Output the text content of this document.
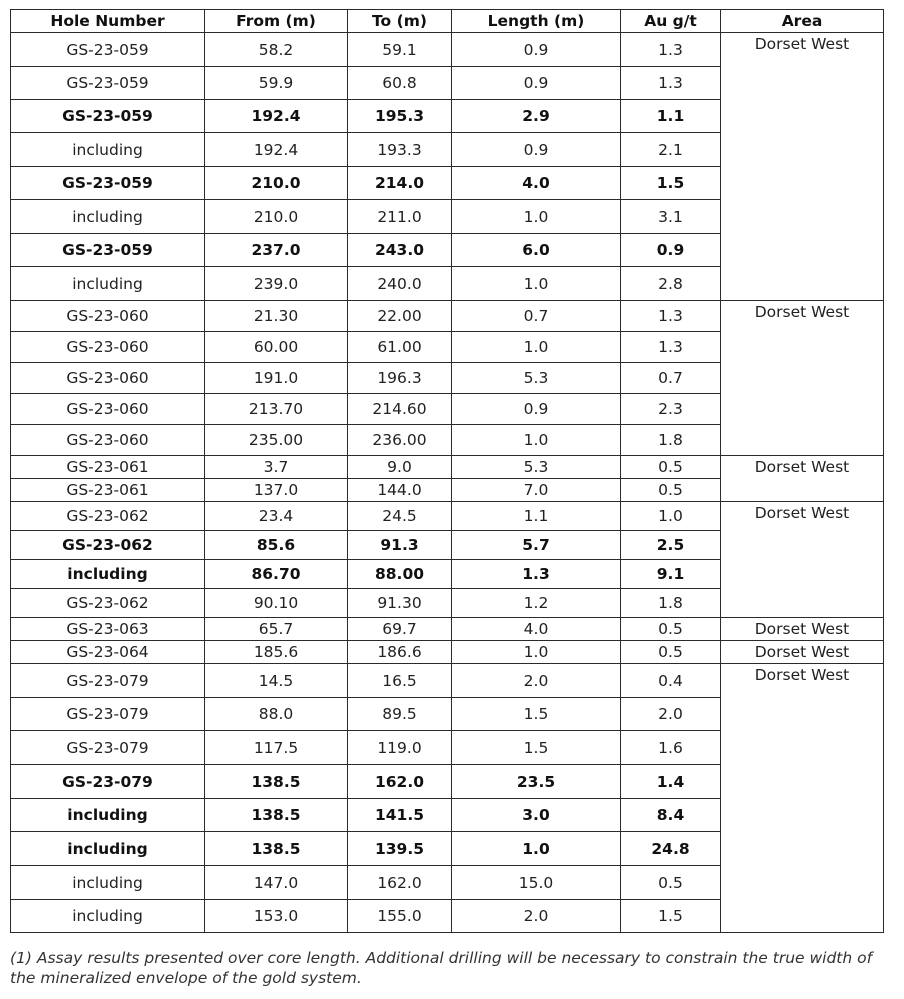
Hole Number	From (m)	To (m)	Length (m)	Au g/t	Area
GS-23-059	58.2	59.1	0.9	1.3	Dorset West
GS-23-059	59.9	60.8	0.9	1.3	
GS-23-059	192.4	195.3	2.9	1.1	
including	192.4	193.3	0.9	2.1	
GS-23-059	210.0	214.0	4.0	1.5	
including	210.0	211.0	1.0	3.1	
GS-23-059	237.0	243.0	6.0	0.9	
including	239.0	240.0	1.0	2.8	
GS-23-060	21.30	22.00	0.7	1.3	Dorset West
GS-23-060	60.00	61.00	1.0	1.3	
GS-23-060	191.0	196.3	5.3	0.7	
GS-23-060	213.70	214.60	0.9	2.3	
GS-23-060	235.00	236.00	1.0	1.8	
GS-23-061	3.7	9.0	5.3	0.5	Dorset West
GS-23-061	137.0	144.0	7.0	0.5	
GS-23-062	23.4	24.5	1.1	1.0	Dorset West
GS-23-062	85.6	91.3	5.7	2.5	
including	86.70	88.00	1.3	9.1	
GS-23-062	90.10	91.30	1.2	1.8	
GS-23-063	65.7	69.7	4.0	0.5	Dorset West
GS-23-064	185.6	186.6	1.0	0.5	Dorset West
GS-23-079	14.5	16.5	2.0	0.4	Dorset West
GS-23-079	88.0	89.5	1.5	2.0	
GS-23-079	117.5	119.0	1.5	1.6	
GS-23-079	138.5	162.0	23.5	1.4	
including	138.5	141.5	3.0	8.4	
including	138.5	139.5	1.0	24.8	
including	147.0	162.0	15.0	0.5	
including	153.0	155.0	2.0	1.5	
(1) Assay results presented over core length. Additional drilling will be necessary to constrain the true width of the mineralized envelope of the gold system.
